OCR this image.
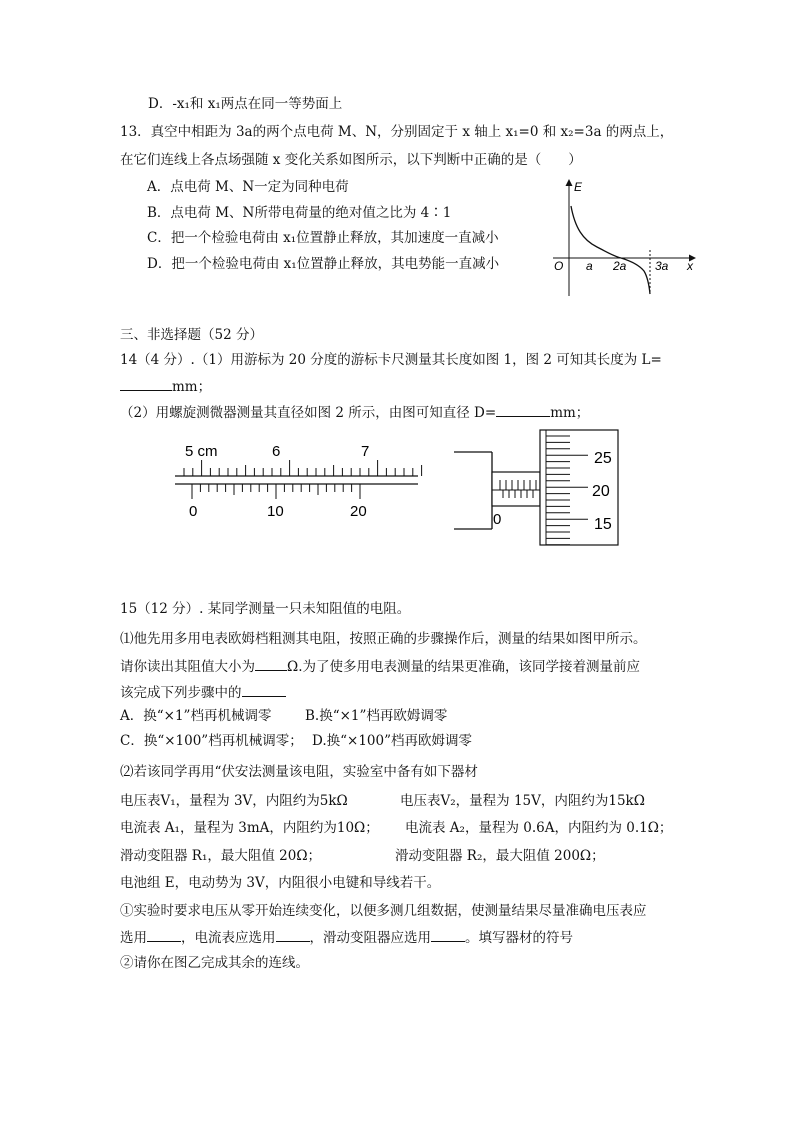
D．-x₁和 x₁两点在同一等势面上
13．真空中相距为 3a的两个点电荷 M、N，分别固定于 x 轴上 x₁=0 和 x₂=3a 的两点上，
在它们连线上各点场强随 x 变化关系如图所示，以下判断中正确的是（　　）
A．点电荷 M、N一定为同种电荷
B．点电荷 M、N所带电荷量的绝对值之比为 4∶1
C．把一个检验电荷由 x₁位置静止释放，其加速度一直减小
D．把一个检验电荷由 x₁位置静止释放，其电势能一直减小
E
x
O a 2a 3a
三、非选择题（52 分）
14（4 分）.（1）用游标为 20 分度的游标卡尺测量其长度如图 1，图 2 可知其长度为 L=
mm；
（2）用螺旋测微器测量其直径如图 2 所示，由图可知直径 D=	mm；
5 cm	6	7
0	10	20	0
25
20
15
15（12 分）. 某同学测量一只未知阻值的电阻。
⑴他先用多用电表欧姆档粗测其电阻，按照正确的步骤操作后，测量的结果如图甲所示。
请你读出其阻值大小为 Ω.为了使多用电表测量的结果更准确，该同学接着测量前应
该完成下列步骤中的
A．换“×1”档再机械调零 B.换“×1”档再欧姆调零
C．换“×100”档再机械调零； D.换“×100”档再欧姆调零
⑵若该同学再用“伏安法测量该电阻，实验室中备有如下器材
电压表V₁，量程为 3V，内阻约为5kΩ	电压表V₂，量程为 15V，内阻约为15kΩ
电流表 A₁，量程为 3mA，内阻约为10Ω； 电流表 A₂，量程为 0.6A，内阻约为 0.1Ω；
滑动变阻器 R₁，最大阻值 20Ω；	滑动变阻器 R₂，最大阻值 200Ω；
电池组 E，电动势为 3V，内阻很小电键和导线若干。
①实验时要求电压从零开始连续变化，以便多测几组数据，使测量结果尽量准确电压表应
选用	，电流表应选用	，滑动变阻器应选用	。填写器材的符号
②请你在图乙完成其余的连线。
